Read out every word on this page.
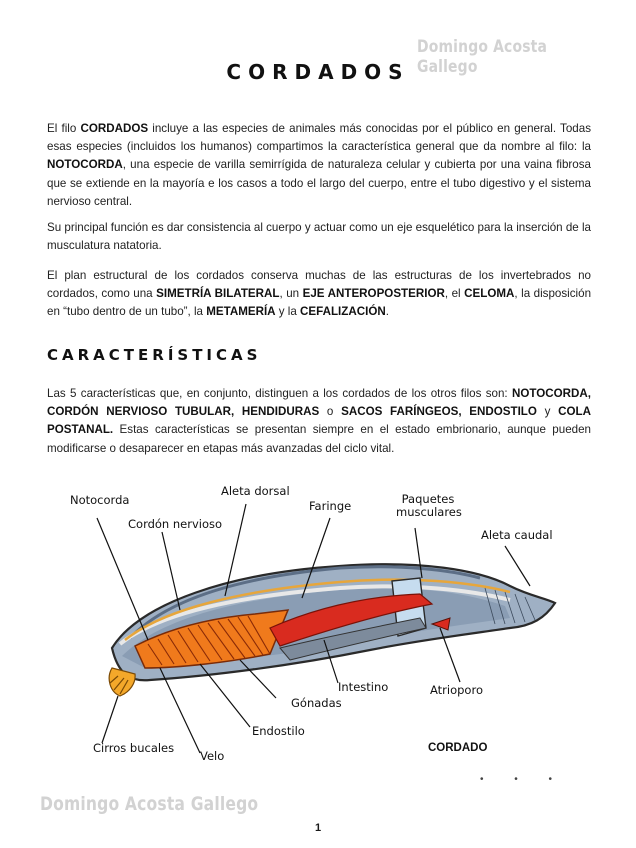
Domingo Acosta Gallego
CORDADOS

El filo CORDADOS incluye a las especies de animales más conocidas por el público en general. Todas esas especies (incluidos los humanos) compartimos la característica general que da nombre al filo: la NOTOCORDA, una especie de varilla semirrígida de naturaleza celular y cubierta por una vaina fibrosa que se extiende en la mayoría e los casos a todo el largo del cuerpo, entre el tubo digestivo y el sistema nervioso central.

Su principal función es dar consistencia al cuerpo y actuar como un eje esquelético para la inserción de la musculatura natatoria.

El plan estructural de los cordados conserva muchas de las estructuras de los invertebrados no cordados, como una SIMETRÍA BILATERAL, un EJE ANTEROPOSTERIOR, el CELOMA, la disposición en “tubo dentro de un tubo”, la METAMERÍA y la CEFALIZACIÓN.

CARACTERÍSTICAS

Las 5 características que, en conjunto, distinguen a los cordados de los otros filos son: NOTOCORDA, CORDÓN NERVIOSO TUBULAR, HENDIDURAS o SACOS FARÍNGEOS, ENDOSTILO y COLA POSTANAL. Estas características se presentan siempre en el estado embrionario, aunque pueden modificarse o desaparecer en etapas más avanzadas del ciclo vital.

Notocorda
Aleta dorsal
Faringe	Paquetes musculares
Aleta caudal
Cordón nervioso
Intestino	Atrioporo
Gónadas
Endostilo
Cirros bucales
Velo
CORDADO
• • •
Domingo Acosta Gallego
1
